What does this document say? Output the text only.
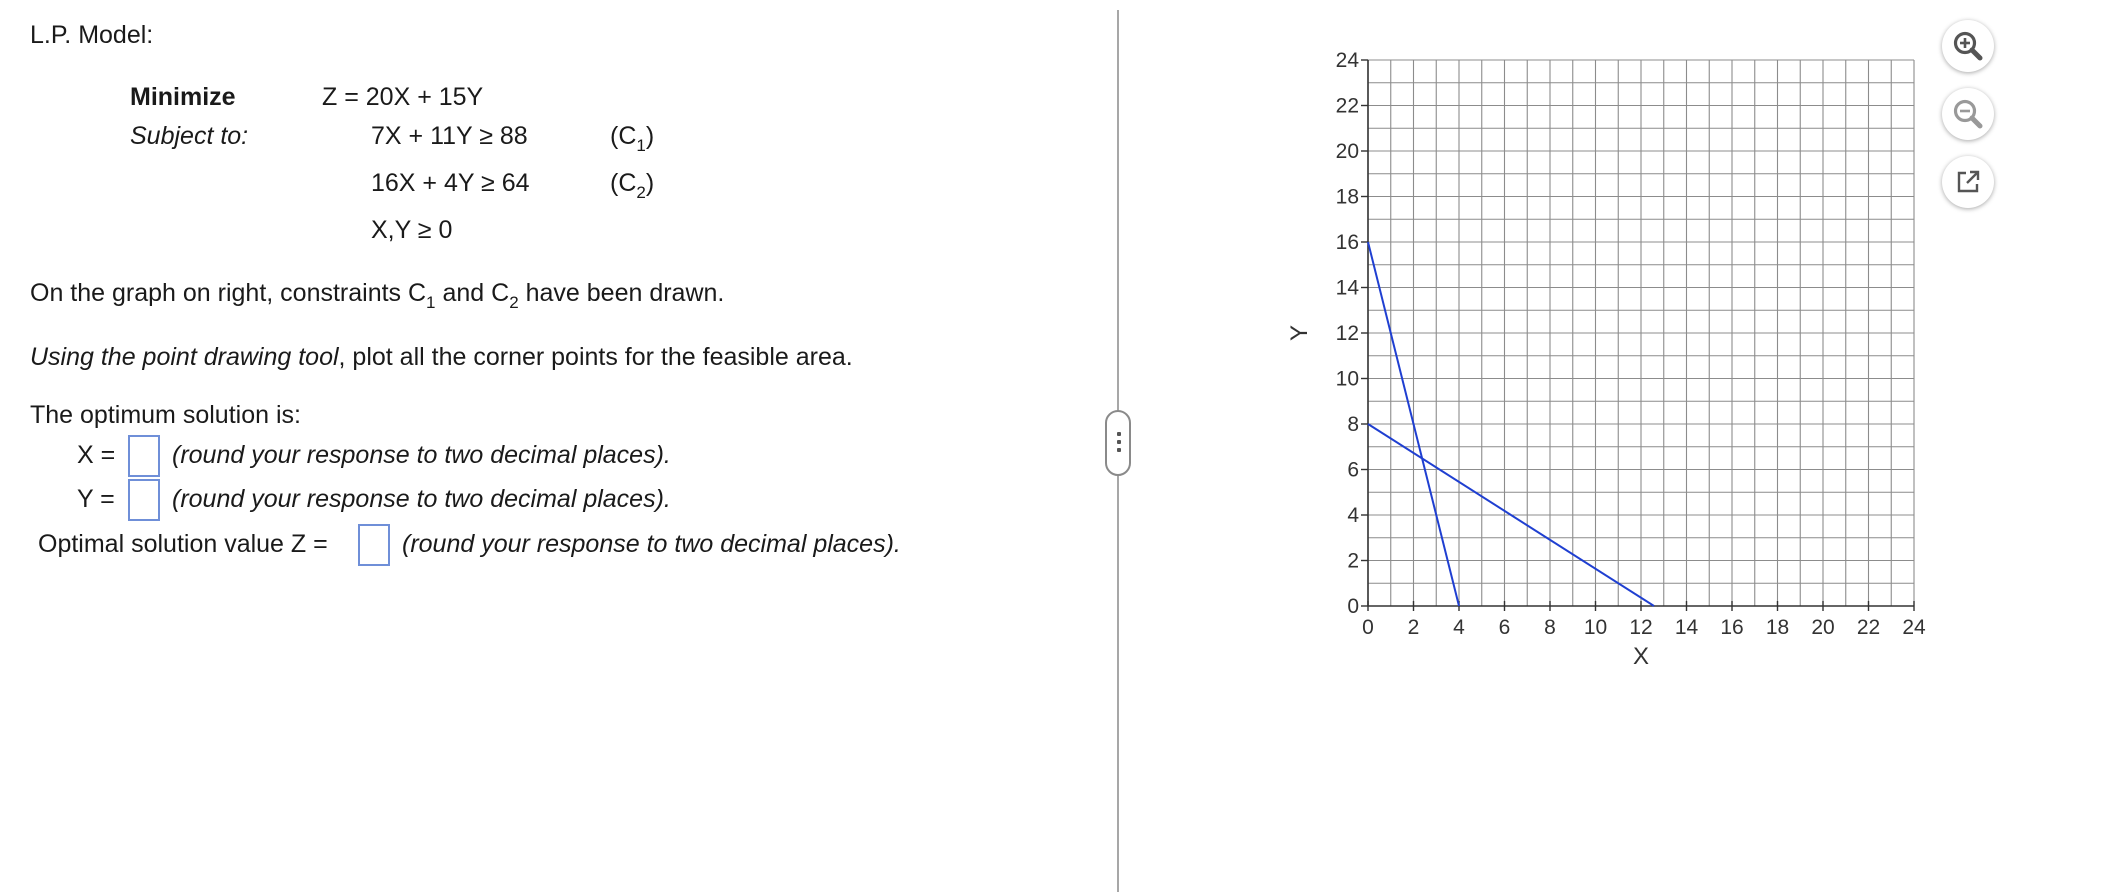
L.P. Model:
Minimize	Z = 20X + 15Y
Subject to:	7X + 11Y ≥ 88	$(C_1)$
16X + 4Y ≥ 64	$(C_2)$
X,Y ≥ 0
On the graph on right, constraints $C_1$ and $C_2$ have been drawn.
Using the point drawing tool, plot all the corner points for the feasible area.
The optimum solution is:
X = (round your response to two decimal places).
Y = (round your response to two decimal places).
Optimal solution value Z =	(round your response to two decimal places).
0 2 4 6 8 10 12 14 16 18 20 22 24
0
2
4
6
8
10
12
14
16
18
20
22
24
X
Y
